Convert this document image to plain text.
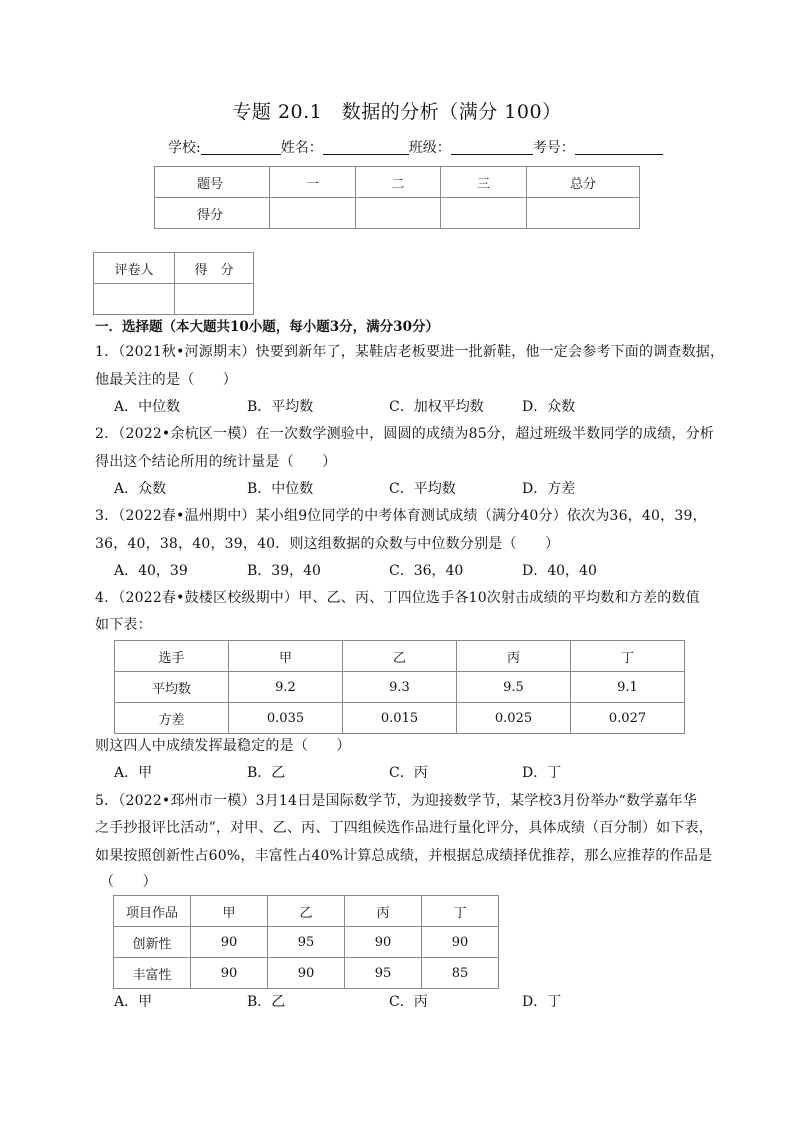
专题 20.1　数据的分析（满分 100）
学校:	姓名：	班级：	考号：
题号	一	二	三	总分
得分				
评卷人	得　分

一．选择题（本大题共10小题，每小题3分，满分30分）
1．（2021秋•河源期末）快要到新年了，某鞋店老板要进一批新鞋，他一定会参考下面的调查数据，
他最关注的是（　　）
A．中位数	B．平均数	C．加权平均数	D．众数
2．（2022•余杭区一模）在一次数学测验中，圆圆的成绩为85分，超过班级半数同学的成绩，分析
得出这个结论所用的统计量是（　　）
A．众数	B．中位数	C．平均数	D．方差
3．（2022春•温州期中）某小组9位同学的中考体育测试成绩（满分40分）依次为36，40，39，
36，40，38，40，39，40．则这组数据的众数与中位数分别是（　　）
A．40，39	B．39，40	C．36，40	D．40，40
4．（2022春•鼓楼区校级期中）甲、乙、丙、丁四位选手各10次射击成绩的平均数和方差的数值
如下表：
选手	甲	乙	丙	丁
平均数	9.2	9.3	9.5	9.1
方差	0.035	0.015	0.025	0.027
则这四人中成绩发挥最稳定的是（　　）
A．甲	B．乙	C．丙	D．丁
5．（2022•邳州市一模）3月14日是国际数学节，为迎接数学节，某学校3月份举办“数学嘉年华
之手抄报评比活动”，对甲、乙、丙、丁四组候选作品进行量化评分，具体成绩（百分制）如下表，
如果按照创新性占60%，丰富性占40%计算总成绩，并根据总成绩择优推荐，那么应推荐的作品是
（　　）
项目作品	甲	乙	丙	丁
创新性	90	95	90	90
丰富性	90	90	95	85
A．甲	B．乙	C．丙	D．丁
